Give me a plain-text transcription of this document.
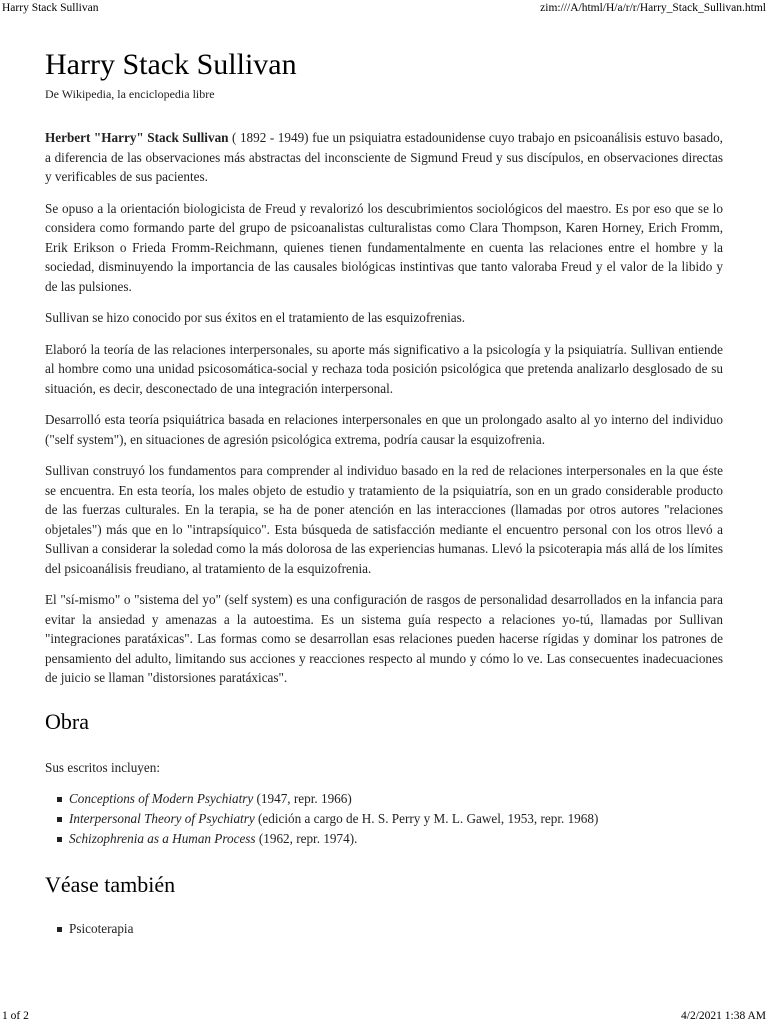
Harry Stack Sullivan	zim:///A/html/H/a/r/r/Harry_Stack_Sullivan.html
Harry Stack Sullivan
De Wikipedia, la enciclopedia libre

Herbert "Harry" Stack Sullivan ( 1892 - 1949) fue un psiquiatra estadounidense cuyo trabajo en psicoanálisis estuvo basado, a diferencia de las observaciones más abstractas del inconsciente de Sigmund Freud y sus discípulos, en observaciones directas y verificables de sus pacientes.

Se opuso a la orientación biologicista de Freud y revalorizó los descubrimientos sociológicos del maestro. Es por eso que se lo considera como formando parte del grupo de psicoanalistas culturalistas como Clara Thompson, Karen Horney, Erich Fromm, Erik Erikson o Frieda Fromm-Reichmann, quienes tienen fundamentalmente en cuenta las relaciones entre el hombre y la sociedad, disminuyendo la importancia de las causales biológicas instintivas que tanto valoraba Freud y el valor de la libido y de las pulsiones.

Sullivan se hizo conocido por sus éxitos en el tratamiento de las esquizofrenias.

Elaboró la teoría de las relaciones interpersonales, su aporte más significativo a la psicología y la psiquiatría. Sullivan entiende al hombre como una unidad psicosomática-social y rechaza toda posición psicológica que pretenda analizarlo desglosado de su situación, es decir, desconectado de una integración interpersonal.

Desarrolló esta teoría psiquiátrica basada en relaciones interpersonales en que un prolongado asalto al yo interno del individuo ("self system"), en situaciones de agresión psicológica extrema, podría causar la esquizofrenia.

Sullivan construyó los fundamentos para comprender al individuo basado en la red de relaciones interpersonales en la que éste se encuentra. En esta teoría, los males objeto de estudio y tratamiento de la psiquiatría, son en un grado considerable producto de las fuerzas culturales. En la terapia, se ha de poner atención en las interacciones (llamadas por otros autores "relaciones objetales") más que en lo "intrapsíquico". Esta búsqueda de satisfacción mediante el encuentro personal con los otros llevó a Sullivan a considerar la soledad como la más dolorosa de las experiencias humanas. Llevó la psicoterapia más allá de los límites del psicoanálisis freudiano, al tratamiento de la esquizofrenia.

El "sí-mismo" o "sistema del yo" (self system) es una configuración de rasgos de personalidad desarrollados en la infancia para evitar la ansiedad y amenazas a la autoestima. Es un sistema guía respecto a relaciones yo-tú, llamadas por Sullivan "integraciones paratáxicas". Las formas como se desarrollan esas relaciones pueden hacerse rígidas y dominar los patrones de pensamiento del adulto, limitando sus acciones y reacciones respecto al mundo y cómo lo ve. Las consecuentes inadecuaciones de juicio se llaman "distorsiones paratáxicas".

Obra

Sus escritos incluyen:

Conceptions of Modern Psychiatry (1947, repr. 1966)
Interpersonal Theory of Psychiatry (edición a cargo de H. S. Perry y M. L. Gawel, 1953, repr. 1968)
Schizophrenia as a Human Process (1962, repr. 1974).
Véase también
Psicoterapia
1 of 2	4/2/2021 1:38 AM
